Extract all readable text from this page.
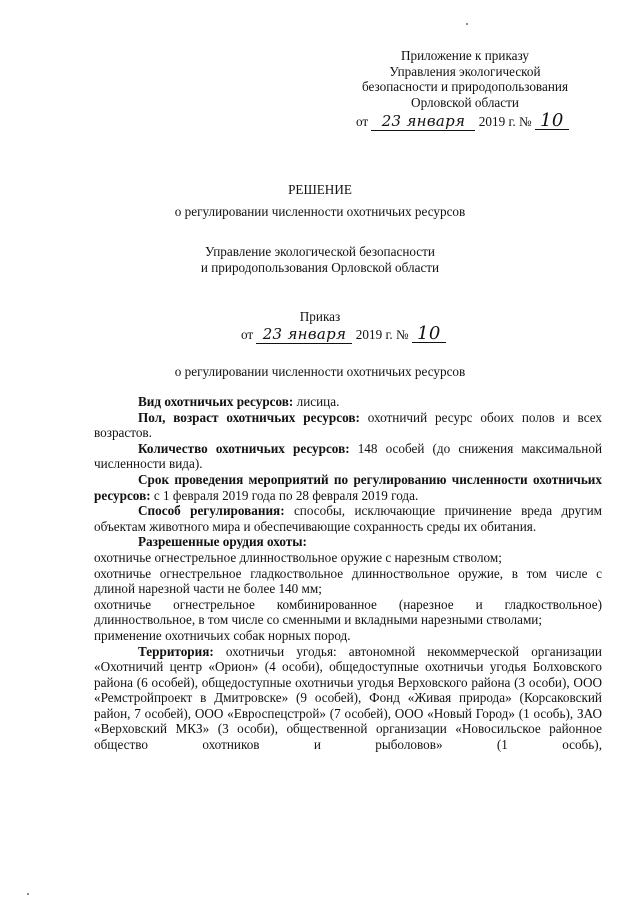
Приложение к приказу
Управления экологической
безопасности и природопользования
Орловской области
от 23 января 2019 г. № 10
РЕШЕНИЕ
о регулировании численности охотничьих ресурсов
Управление экологической безопасности
и природопользования Орловской области
Приказ
от 23 января 2019 г. № 10
о регулировании численности охотничьих ресурсов

Вид охотничьих ресурсов: лисица.

Пол, возраст охотничьих ресурсов: охотничий ресурс обоих полов и всех возрастов.

Количество охотничьих ресурсов: 148 особей (до снижения максимальной численности вида).

Срок проведения мероприятий по регулированию численности охотничьих ресурсов: с 1 февраля 2019 года по 28 февраля 2019 года.

Способ регулирования: способы, исключающие причинение вреда другим объектам животного мира и обеспечивающие сохранность среды их обитания.

Разрешенные орудия охоты:

охотничье огнестрельное длинноствольное оружие с нарезным стволом;

охотничье огнестрельное гладкоствольное длинноствольное оружие, в том числе с длиной нарезной части не более 140 мм;

охотничье огнестрельное комбинированное (нарезное и гладкоствольное) длинноствольное, в том числе со сменными и вкладными нарезными стволами;

применение охотничьих собак норных пород.

Территория: охотничьи угодья: автономной некоммерческой организации «Охотничий центр «Орион» (4 особи), общедоступные охотничьи угодья Болховского района (6 особей), общедоступные охотничьи угодья Верховского района (3 особи), ООО «Ремстройпроект в Дмитровске» (9 особей), Фонд «Живая природа» (Корсаковский район, 7 особей), ООО «Евроспецстрой» (7 особей), ООО «Новый Город» (1 особь), ЗАО «Верховский МКЗ» (3 особи), общественной организации «Новосильское районное общество охотников и рыболовов» (1 особь),
